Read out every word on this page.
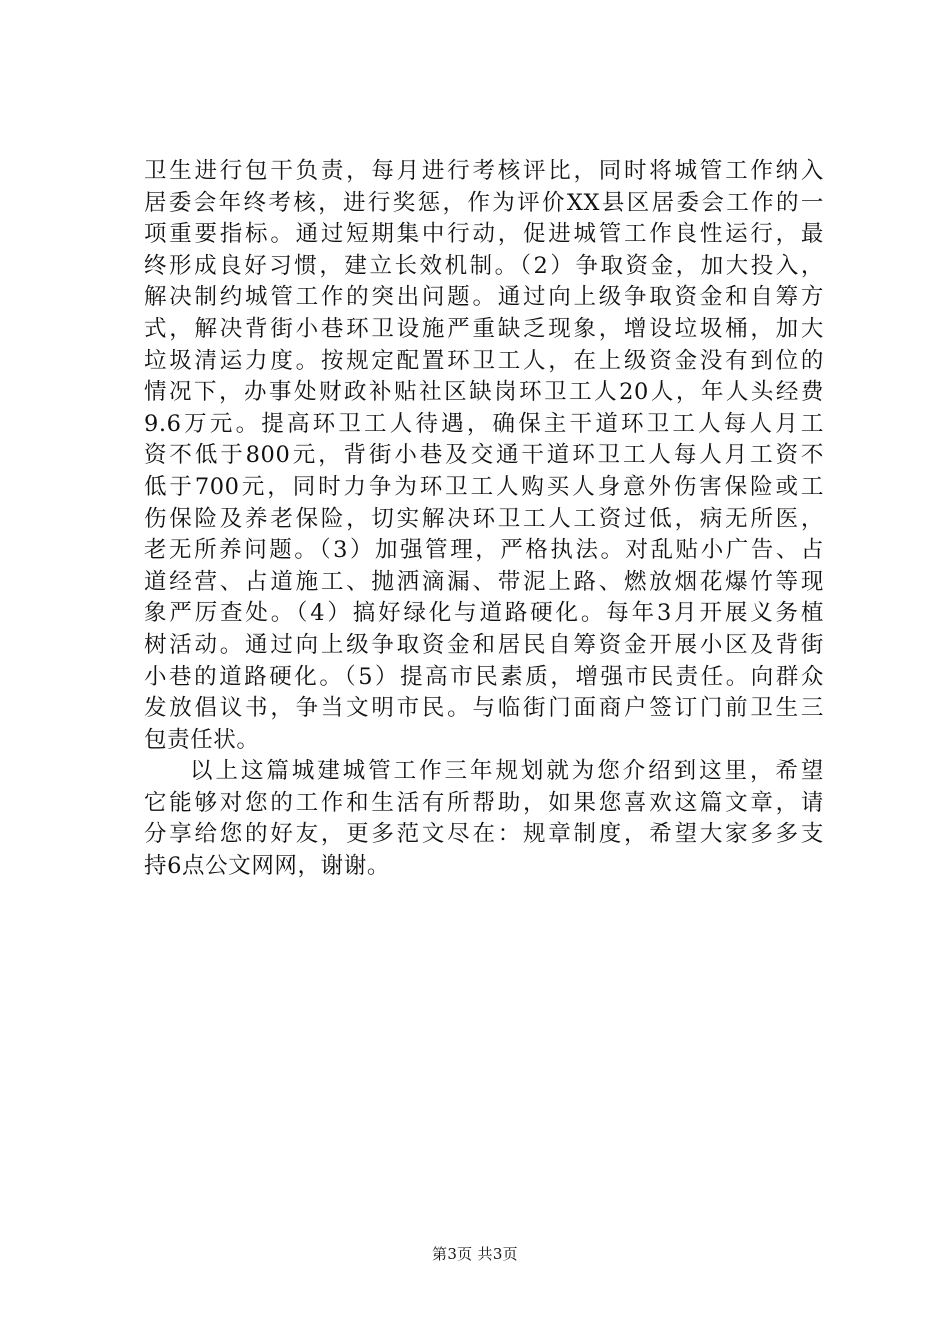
卫生进行包干负责，每月进行考核评比，同时将城管工作纳入
居委会年终考核，进行奖惩，作为评价XX县区居委会工作的一
项重要指标。通过短期集中行动，促进城管工作良性运行，最
终形成良好习惯，建立长效机制。（2）争取资金，加大投入，
解决制约城管工作的突出问题。通过向上级争取资金和自筹方
式，解决背街小巷环卫设施严重缺乏现象，增设垃圾桶，加大
垃圾清运力度。按规定配置环卫工人，在上级资金没有到位的
情况下，办事处财政补贴社区缺岗环卫工人20人，年人头经费
9.6万元。提高环卫工人待遇，确保主干道环卫工人每人月工
资不低于800元，背街小巷及交通干道环卫工人每人月工资不
低于700元，同时力争为环卫工人购买人身意外伤害保险或工
伤保险及养老保险，切实解决环卫工人工资过低，病无所医，
老无所养问题。（3）加强管理，严格执法。对乱贴小广告、占
道经营、占道施工、抛洒滴漏、带泥上路、燃放烟花爆竹等现
象严厉查处。（4）搞好绿化与道路硬化。每年3月开展义务植
树活动。通过向上级争取资金和居民自筹资金开展小区及背街
小巷的道路硬化。（5）提高市民素质，增强市民责任。向群众
发放倡议书，争当文明市民。与临街门面商户签订门前卫生三
包责任状。
以上这篇城建城管工作三年规划就为您介绍到这里，希望
它能够对您的工作和生活有所帮助，如果您喜欢这篇文章，请
分享给您的好友，更多范文尽在：规章制度，希望大家多多支
持6点公文网网，谢谢。
第3页 共3页
